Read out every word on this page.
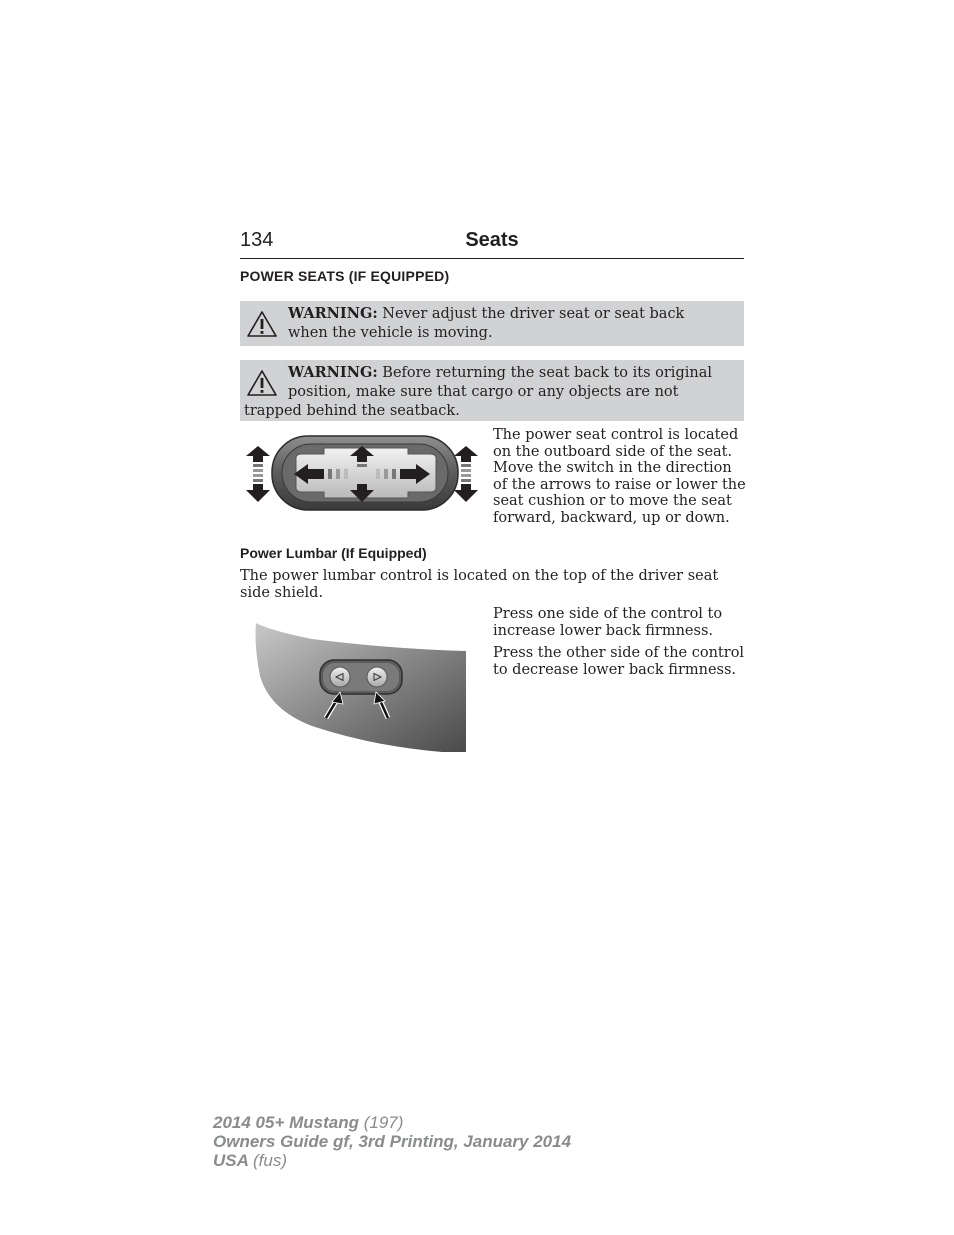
134	Seats
POWER SEATS (IF EQUIPPED)
WARNING: Never adjust the driver seat or seat back when the vehicle is moving.
WARNING: Before returning the seat back to its original position, make sure that cargo or any objects are not trapped behind the seatback.
The power seat control is located on the outboard side of the seat. Move the switch in the direction of the arrows to raise or lower the seat cushion or to move the seat forward, backward, up or down.
Power Lumbar (If Equipped)
The power lumbar control is located on the top of the driver seat side shield.
Press one side of the control to increase lower back firmness.
Press the other side of the control to decrease lower back firmness.
2014 05+ Mustang (197)
Owners Guide gf, 3rd Printing, January 2014
USA (fus)
